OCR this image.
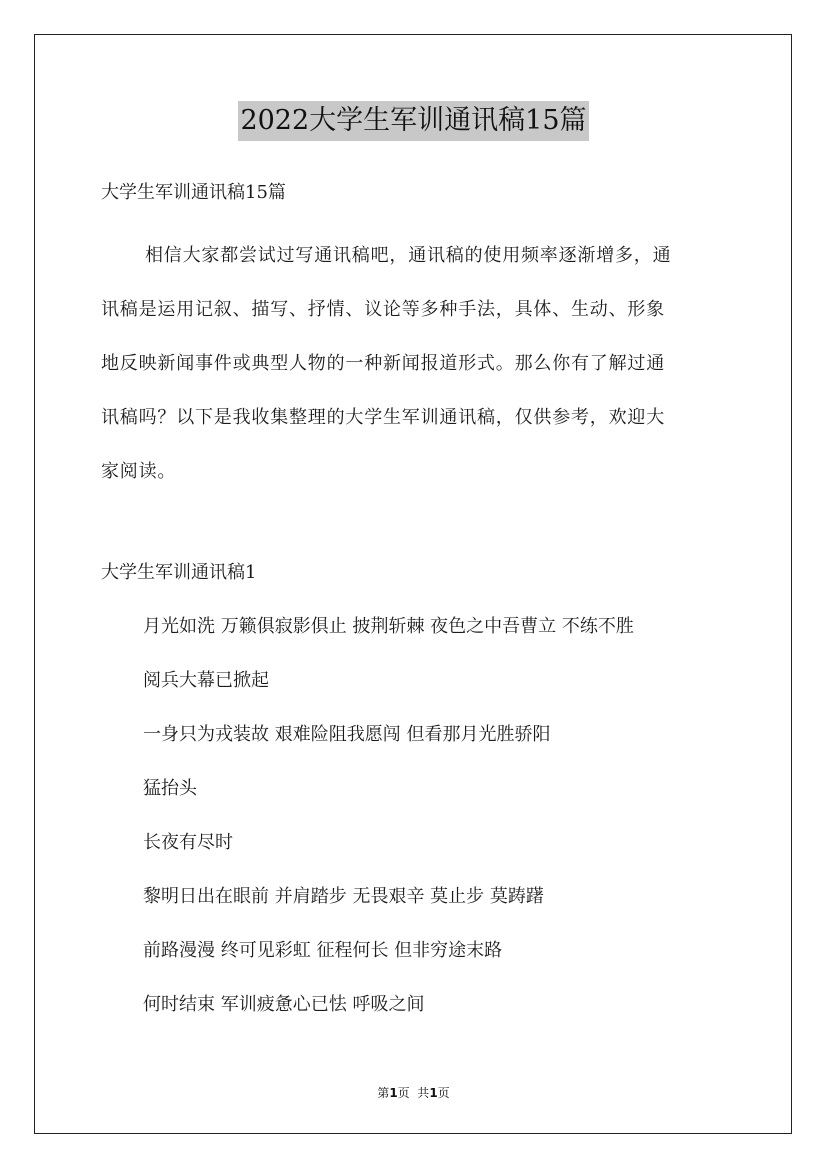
2022大学生军训通讯稿15篇
大学生军训通讯稿15篇
相信大家都尝试过写通讯稿吧，通讯稿的使用频率逐渐增多，通
讯稿是运用记叙、描写、抒情、议论等多种手法，具体、生动、形象
地反映新闻事件或典型人物的一种新闻报道形式。那么你有了解过通
讯稿吗？以下是我收集整理的大学生军训通讯稿，仅供参考，欢迎大
家阅读。
大学生军训通讯稿1
月光如洗 万籁俱寂影俱止 披荆斩棘 夜色之中吾曹立 不练不胜
阅兵大幕已掀起
一身只为戎装故 艰难险阻我愿闯 但看那月光胜骄阳
猛抬头
长夜有尽时
黎明日出在眼前 并肩踏步 无畏艰辛 莫止步 莫踌躇
前路漫漫 终可见彩虹 征程何长 但非穷途末路
何时结束 军训疲惫心已怯 呼吸之间
第1页  共1页
